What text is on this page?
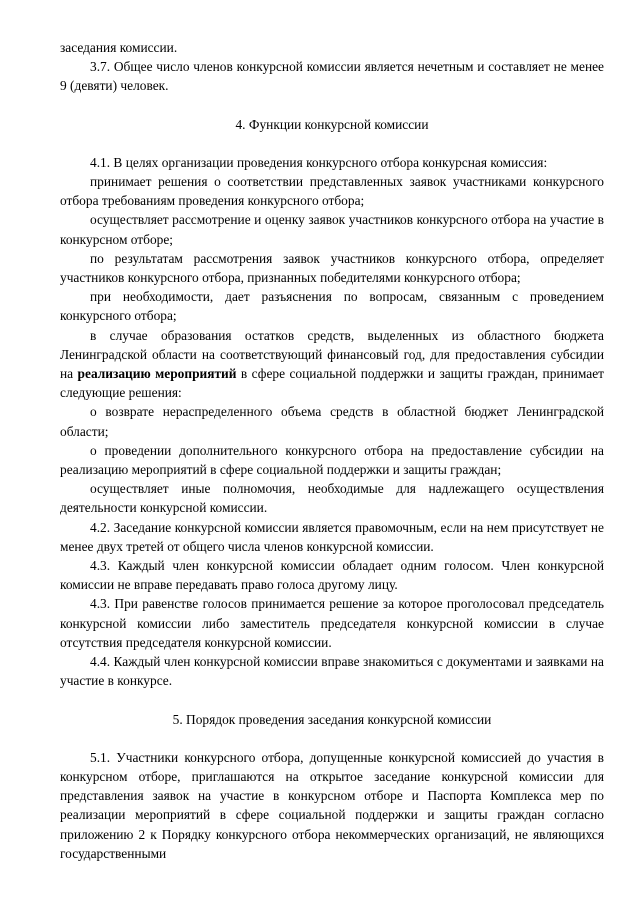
заседания комиссии.

3.7. Общее число членов конкурсной комиссии является нечетным и составляет не менее 9 (девяти) человек.

4. Функции конкурсной комиссии

4.1. В целях организации проведения конкурсного отбора конкурсная комиссия:

принимает решения о соответствии представленных заявок участниками конкурсного отбора требованиям проведения конкурсного отбора;

осуществляет рассмотрение и оценку заявок участников конкурсного отбора на участие в конкурсном отборе;

по результатам рассмотрения заявок участников конкурсного отбора, определяет участников конкурсного отбора, признанных победителями конкурсного отбора;

при необходимости, дает разъяснения по вопросам, связанным с проведением конкурсного отбора;

в случае образования остатков средств, выделенных из областного бюджета Ленинградской области на соответствующий финансовый год, для предоставления субсидии на реализацию мероприятий в сфере социальной поддержки и защиты граждан, принимает следующие решения:

о возврате нераспределенного объема средств в областной бюджет Ленинградской области;

о проведении дополнительного конкурсного отбора на предоставление субсидии на реализацию мероприятий в сфере социальной поддержки и защиты граждан;

осуществляет иные полномочия, необходимые для надлежащего осуществления деятельности конкурсной комиссии.

4.2. Заседание конкурсной комиссии является правомочным, если на нем присутствует не менее двух третей от общего числа членов конкурсной комиссии.

4.3. Каждый член конкурсной комиссии обладает одним голосом. Член конкурсной комиссии не вправе передавать право голоса другому лицу.

4.3. При равенстве голосов принимается решение за которое проголосовал председатель конкурсной комиссии либо заместитель председателя конкурсной комиссии в случае отсутствия председателя конкурсной комиссии.

4.4. Каждый член конкурсной комиссии вправе знакомиться с документами и заявками на участие в конкурсе.

5. Порядок проведения заседания конкурсной комиссии

5.1. Участники конкурсного отбора, допущенные конкурсной комиссией до участия в конкурсном отборе, приглашаются на открытое заседание конкурсной комиссии для представления заявок на участие в конкурсном отборе и Паспорта Комплекса мер по реализации мероприятий в сфере социальной поддержки и защиты граждан согласно приложению 2 к Порядку конкурсного отбора некоммерческих организаций, не являющихся государственными
